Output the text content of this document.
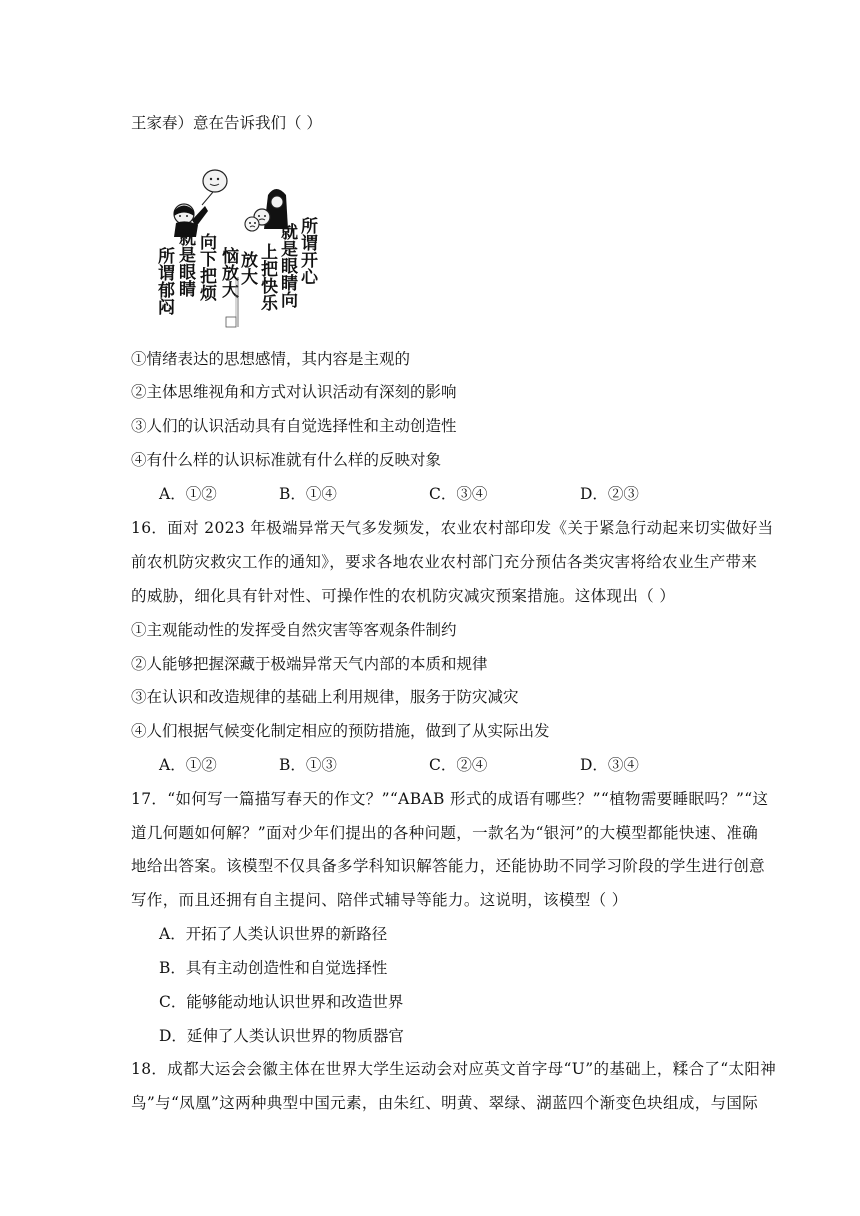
王家春）意在告诉我们（ ）
所谓开心
就是眼睛向
上把快乐
放大
恼放大
向下把烦
就是眼睛
所谓郁闷
①情绪表达的思想感情，其内容是主观的
②主体思维视角和方式对认识活动有深刻的影响
③人们的认识活动具有自觉选择性和主动创造性
④有什么样的认识标准就有什么样的反映对象
A．①②	B．①④	C．③④	D．②③
16．面对 2023 年极端异常天气多发频发，农业农村部印发《关于紧急行动起来切实做好当
前农机防灾救灾工作的通知》，要求各地农业农村部门充分预估各类灾害将给农业生产带来
的威胁，细化具有针对性、可操作性的农机防灾减灾预案措施。这体现出（ ）
①主观能动性的发挥受自然灾害等客观条件制约
②人能够把握深藏于极端异常天气内部的本质和规律
③在认识和改造规律的基础上利用规律，服务于防灾减灾
④人们根据气候变化制定相应的预防措施，做到了从实际出发
A．①②	B．①③	C．②④	D．③④
17．“如何写一篇描写春天的作文？”“ABAB 形式的成语有哪些？”“植物需要睡眠吗？”“这
道几何题如何解？”面对少年们提出的各种问题，一款名为“银河”的大模型都能快速、准确
地给出答案。该模型不仅具备多学科知识解答能力，还能协助不同学习阶段的学生进行创意
写作，而且还拥有自主提问、陪伴式辅导等能力。这说明，该模型（ ）
A．开拓了人类认识世界的新路径
B．具有主动创造性和自觉选择性
C．能够能动地认识世界和改造世界
D．延伸了人类认识世界的物质器官
18．成都大运会会徽主体在世界大学生运动会对应英文首字母“U”的基础上，糅合了“太阳神
鸟”与“凤凰”这两种典型中国元素，由朱红、明黄、翠绿、湖蓝四个渐变色块组成，与国际
